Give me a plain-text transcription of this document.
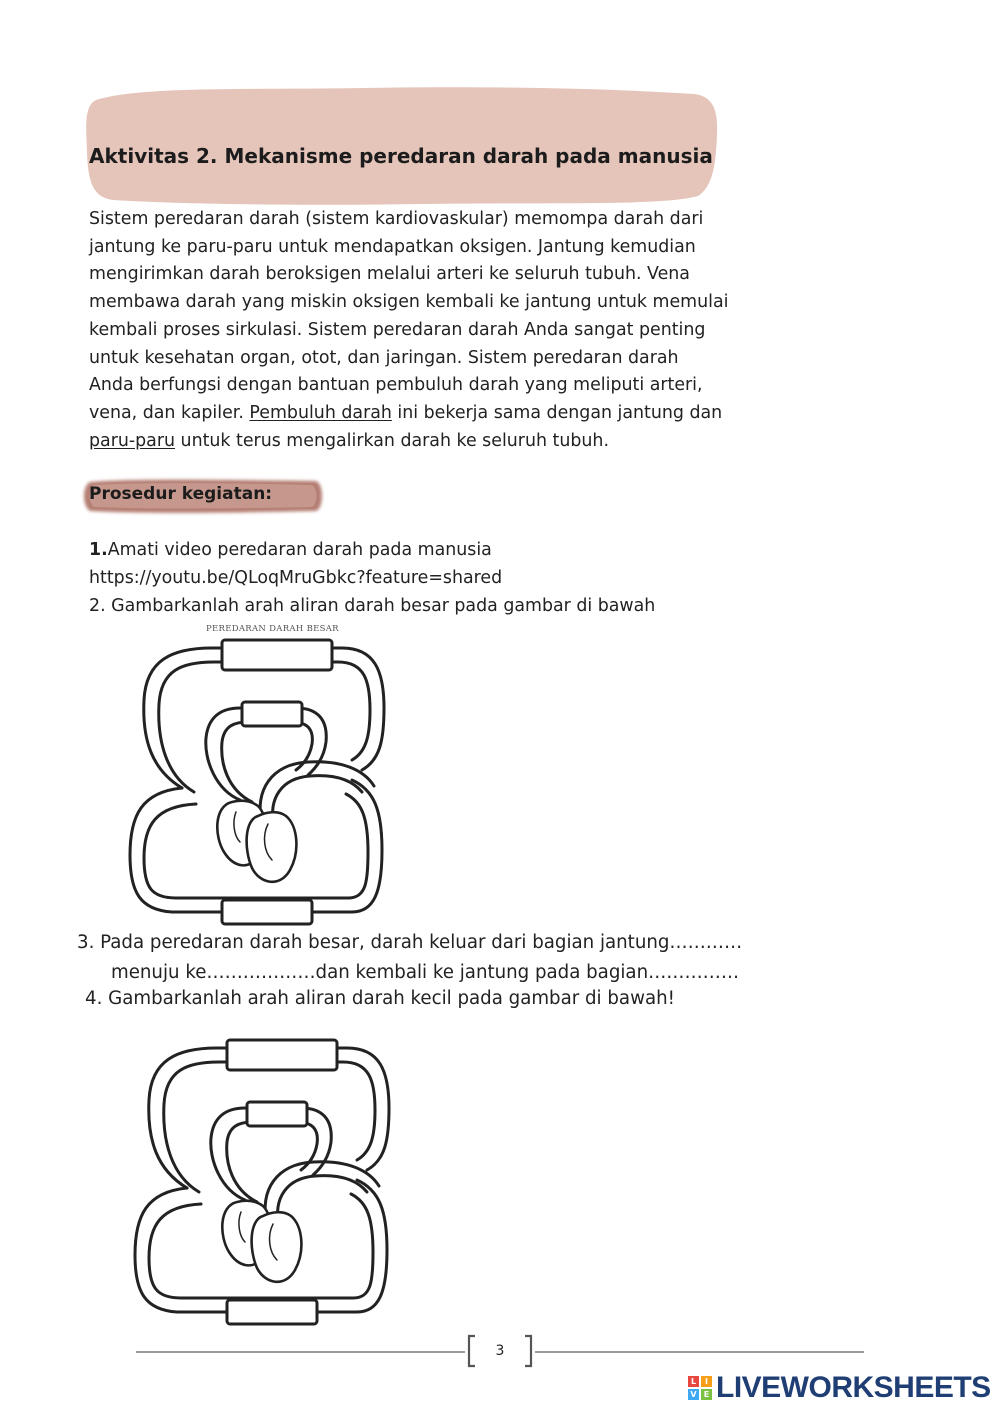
Aktivitas 2. Mekanisme peredaran darah pada manusia
Sistem peredaran darah (sistem kardiovaskular) memompa darah dari
jantung ke paru-paru untuk mendapatkan oksigen. Jantung kemudian
mengirimkan darah beroksigen melalui arteri ke seluruh tubuh. Vena
membawa darah yang miskin oksigen kembali ke jantung untuk memulai
kembali proses sirkulasi. Sistem peredaran darah Anda sangat penting
untuk kesehatan organ, otot, dan jaringan. Sistem peredaran darah
Anda berfungsi dengan bantuan pembuluh darah yang meliputi arteri,
vena, dan kapiler. Pembuluh darah ini bekerja sama dengan jantung dan
paru-paru untuk terus mengalirkan darah ke seluruh tubuh.
Prosedur kegiatan:
1.Amati video peredaran darah pada manusia
https://youtu.be/QLoqMruGbkc?feature=shared
2. Gambarkanlah arah aliran darah besar pada gambar di bawah
PEREDARAN DARAH BESAR
3. Pada peredaran darah besar, darah keluar dari bagian jantung…………
menuju ke………………dan kembali ke jantung pada bagian……………
4. Gambarkanlah arah aliran darah kecil pada gambar di bawah!
3
L	I
V E LIVEWORKSHEETS
